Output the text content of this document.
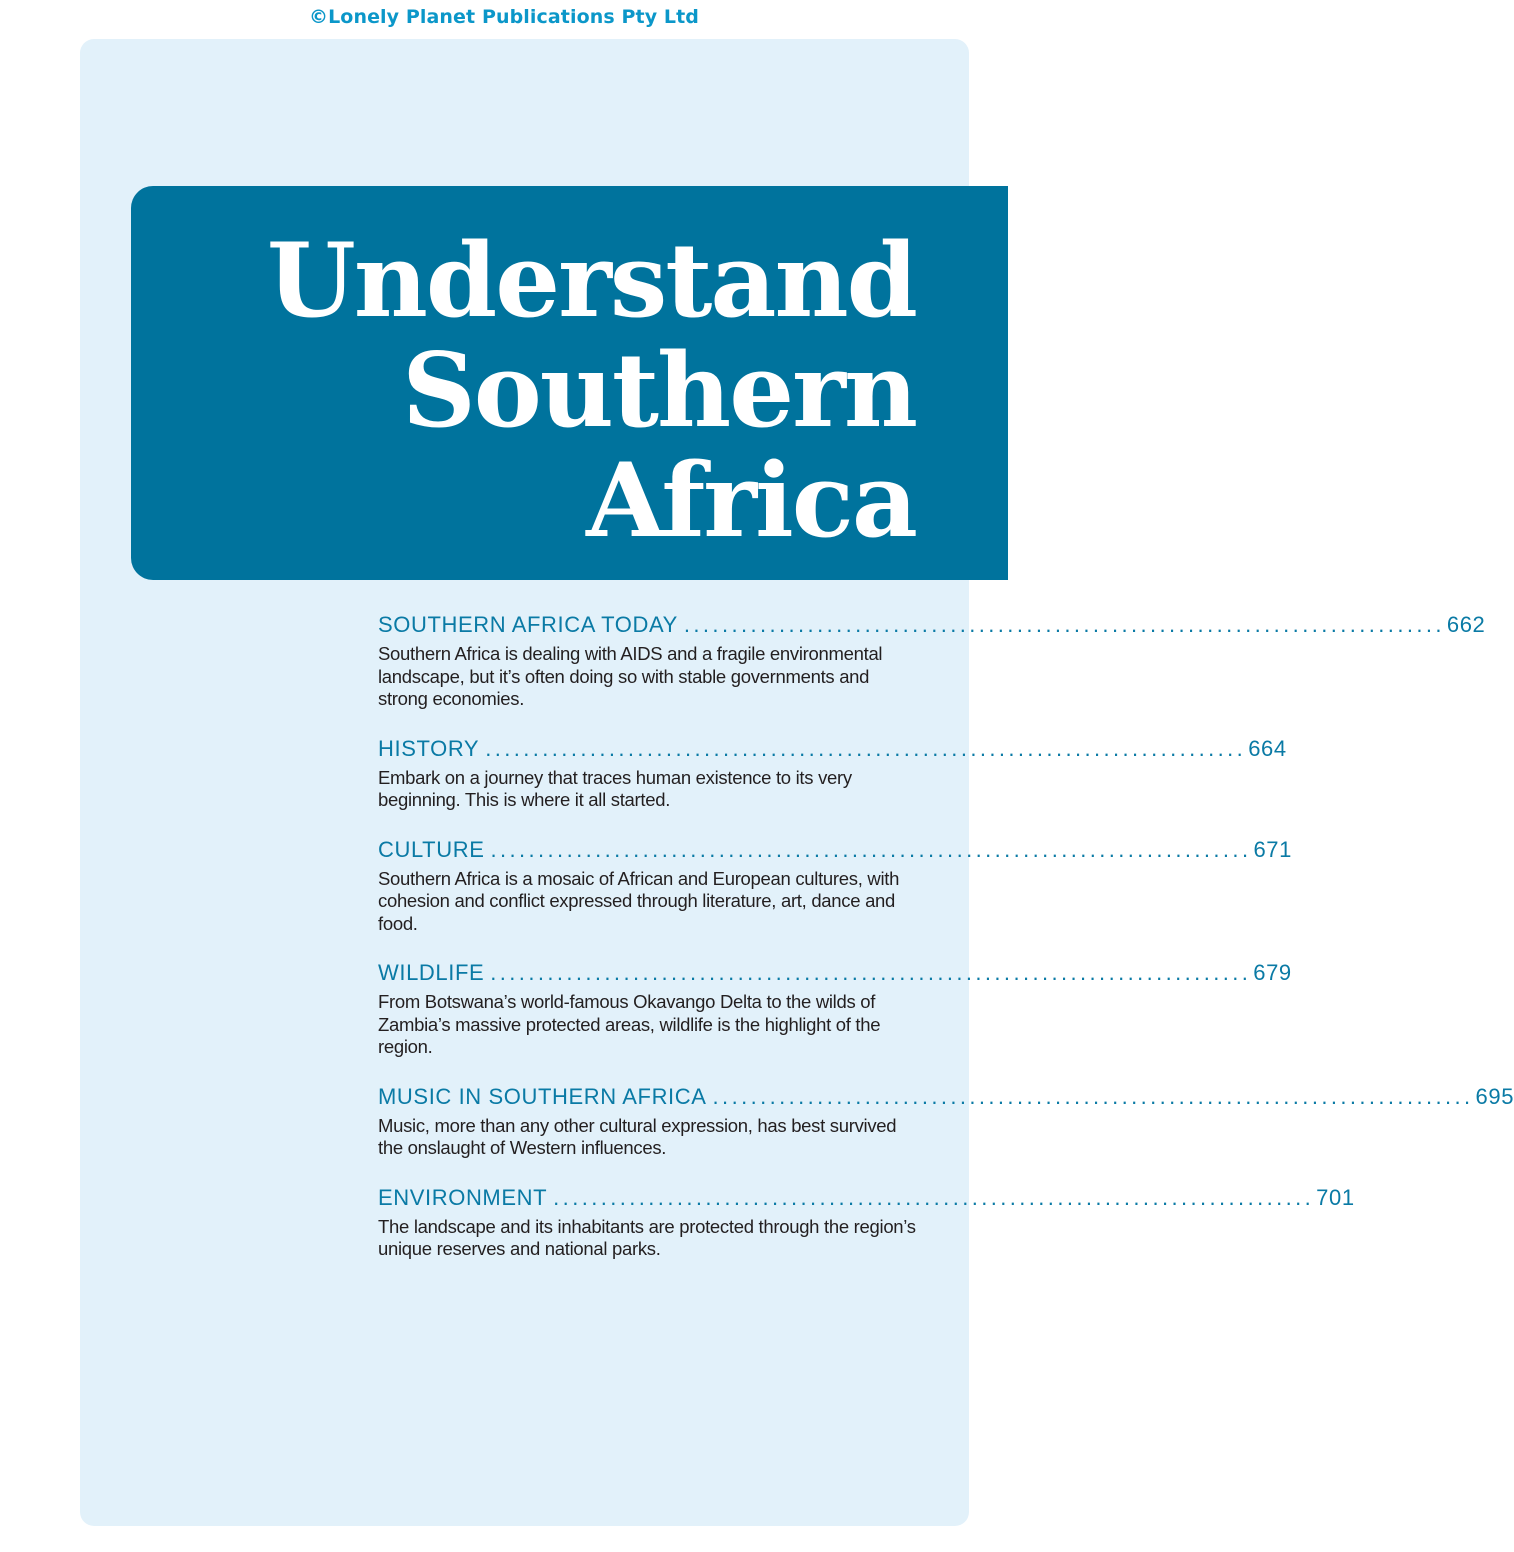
©Lonely Planet Publications Pty Ltd
Understand
Southern
Africa
SOUTHERN AFRICA TODAY ................................................................................ 662

Southern Africa is dealing with AIDS and a fragile environmental landscape, but it’s often doing so with stable governments and strong economies.

HISTORY ................................................................................ 664

Embark on a journey that traces human existence to its very beginning. This is where it all started.

CULTURE ................................................................................ 671

Southern Africa is a mosaic of African and European cultures, with cohesion and conflict expressed through literature, art, dance and food.

WILDLIFE ................................................................................ 679

From Botswana’s world-famous Okavango Delta to the wilds of Zambia’s massive protected areas, wildlife is the highlight of the region.

MUSIC IN SOUTHERN AFRICA ................................................................................ 695

Music, more than any other cultural expression, has best survived the onslaught of Western influences.

ENVIRONMENT ................................................................................ 701

The landscape and its inhabitants are protected through the region’s unique reserves and national parks.
